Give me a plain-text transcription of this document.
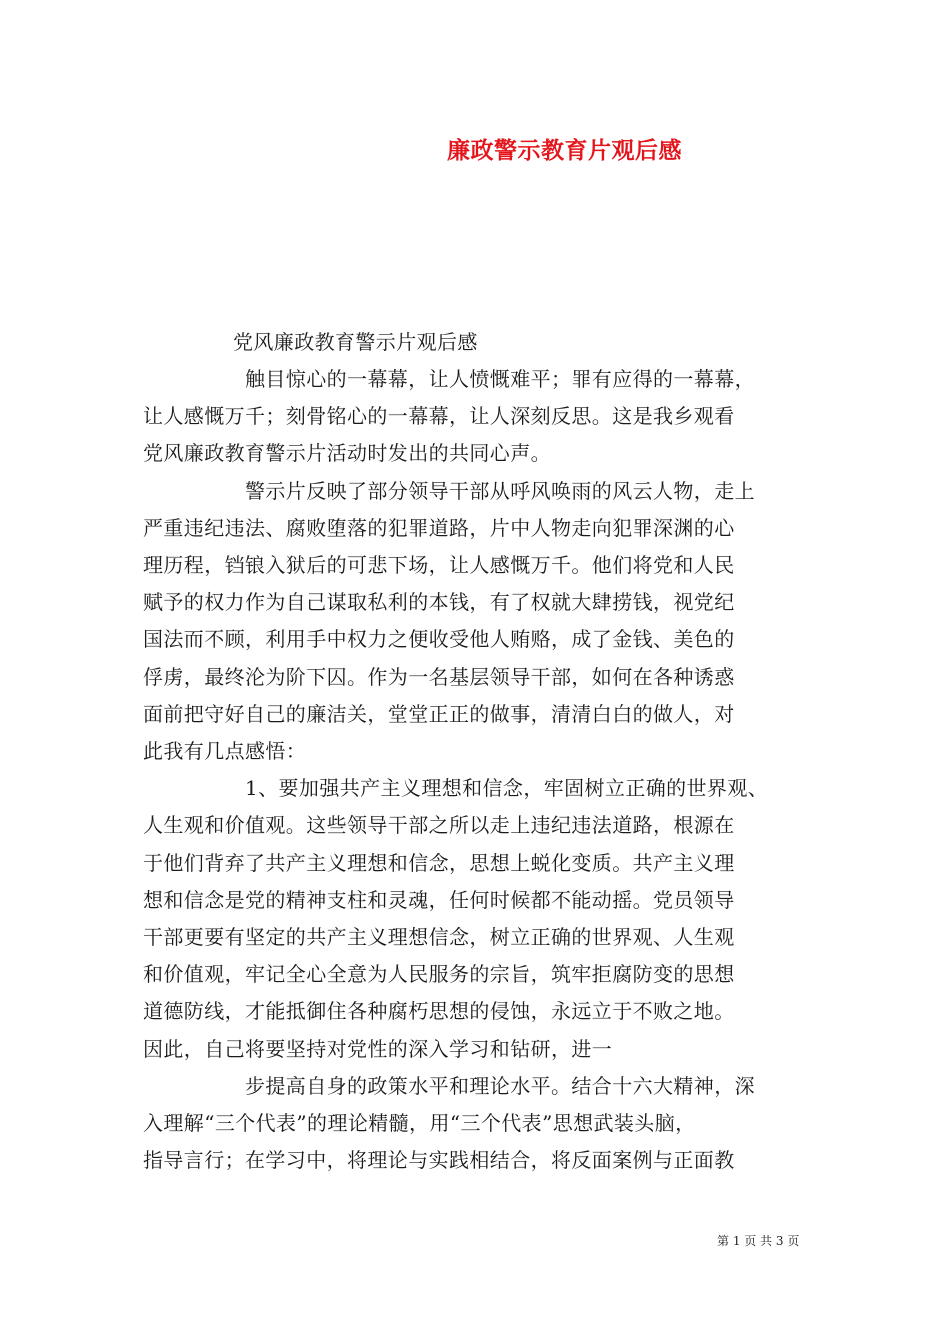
廉政警示教育片观后感
党风廉政教育警示片观后感
触目惊心的一幕幕，让人愤慨难平；罪有应得的一幕幕，
让人感慨万千；刻骨铭心的一幕幕，让人深刻反思。这是我乡观看
党风廉政教育警示片活动时发出的共同心声。
警示片反映了部分领导干部从呼风唤雨的风云人物，走上
严重违纪违法、腐败堕落的犯罪道路，片中人物走向犯罪深渊的心
理历程，铛锒入狱后的可悲下场，让人感慨万千。他们将党和人民
赋予的权力作为自己谋取私利的本钱，有了权就大肆捞钱，视党纪
国法而不顾，利用手中权力之便收受他人贿赂，成了金钱、美色的
俘虏，最终沦为阶下囚。作为一名基层领导干部，如何在各种诱惑
面前把守好自己的廉洁关，堂堂正正的做事，清清白白的做人，对
此我有几点感悟：
1、要加强共产主义理想和信念，牢固树立正确的世界观、
人生观和价值观。这些领导干部之所以走上违纪违法道路，根源在
于他们背弃了共产主义理想和信念，思想上蜕化变质。共产主义理
想和信念是党的精神支柱和灵魂，任何时候都不能动摇。党员领导
干部更要有坚定的共产主义理想信念，树立正确的世界观、人生观
和价值观，牢记全心全意为人民服务的宗旨，筑牢拒腐防变的思想
道德防线，才能抵御住各种腐朽思想的侵蚀，永远立于不败之地。
因此，自己将要坚持对党性的深入学习和钻研，进一
步提高自身的政策水平和理论水平。结合十六大精神，深
入理解“三个代表”的理论精髓，用“三个代表”思想武装头脑，
指导言行；在学习中，将理论与实践相结合，将反面案例与正面教
第 1 页 共 3 页
